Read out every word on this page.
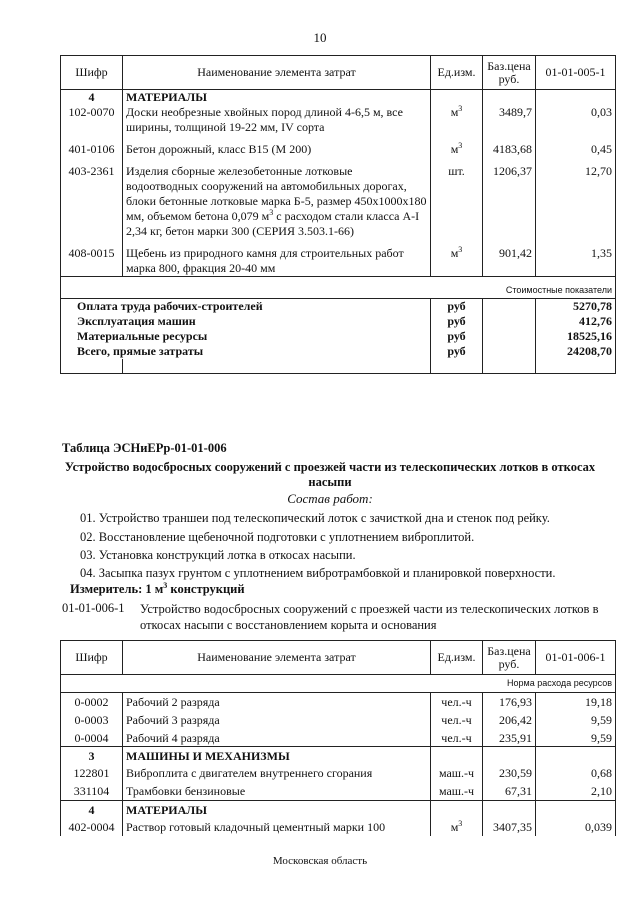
10
Шифр	Наименование элемента затрат	Ед.изм.	Баз.цена руб.	01-01-005-1
4	МАТЕРИАЛЫ			
102-0070	Доски необрезные хвойных пород длиной 4-6,5 м, все ширины, толщиной 19-22 мм, IV сорта	$м^3$	3489,7	0,03
401-0106	Бетон дорожный, класс В15 (М 200)	$м^3$	4183,68	0,45
403-2361	Изделия сборные железобетонные лотковые водоотводных сооружений на автомобильных дорогах, блоки бетонные лотковые марка Б-5, размер 450х1000х180 мм, объемом бетона 0,079 $м^3$ с расходом стали класса А-I 2,34 кг, бетон марки 300 (СЕРИЯ 3.503.1-66)	шт.	1206,37	12,70
408-0015	Щебень из природного камня для строительных работ марка 800, фракция 20-40 мм	$м^3$	901,42	1,35
Стоимостные показатели				
Оплата труда рабочих-строителей		руб		5270,78
Эксплуатация машин		руб		412,76
Материальные ресурсы		руб		18525,16
Всего, прямые затраты		руб		24208,70

Таблица ЭСНиЕРр-01-01-006
Устройство водосбросных сооружений с проезжей части из телескопических лотков в откосах насыпи
Состав работ:
01. Устройство траншеи под телескопический лоток с зачисткой дна и стенок под рейку.
02. Восстановление щебеночной подготовки с уплотнением виброплитой.
03. Установка конструкций лотка в откосах насыпи.
04. Засыпка пазух грунтом с уплотнением вибротрамбовкой и планировкой поверхности.
Измеритель: 1 $м^3$ конструкций
01-01-006-1 Устройство водосбросных сооружений с проезжей части из телескопических лотков в откосах насыпи с восстановлением корыта и основания
Шифр	Наименование элемента затрат	Ед.изм.	Баз.цена руб.	01-01-006-1
Норма расхода ресурсов				
0-0002	Рабочий 2 разряда	чел.-ч	176,93	19,18
0-0003	Рабочий 3 разряда	чел.-ч	206,42	9,59
0-0004	Рабочий 4 разряда	чел.-ч	235,91	9,59
3	МАШИНЫ И МЕХАНИЗМЫ			
122801	Виброплита с двигателем внутреннего сгорания	маш.-ч	230,59	0,68
331104	Трамбовки бензиновые	маш.-ч	67,31	2,10
4	МАТЕРИАЛЫ			
402-0004	Раствор готовый кладочный цементный марки 100	$м^3$	3407,35	0,039
Московская область
